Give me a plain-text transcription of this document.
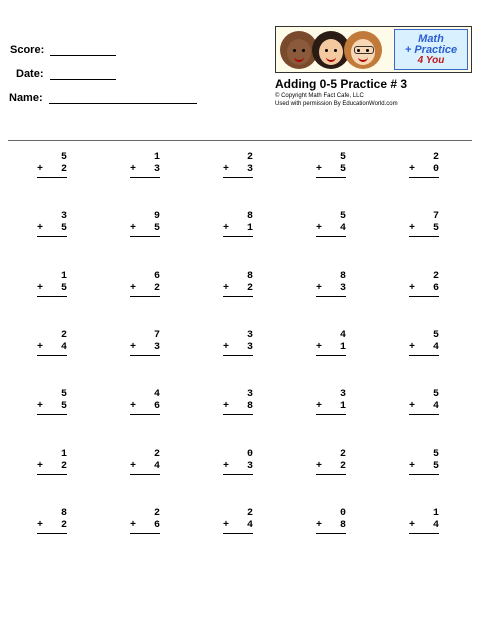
Score:
Date:
Name:
Math
+ Practice
4 You
Adding 0-5 Practice # 3
© Copyright Math Fact Cafe, LLC
Used with permission By EducationWorld.com
5
+ 2
1
+ 3
2
+ 3
5
+ 5
2
+ 0
3
+ 5
9
+ 5
8
+ 1
5
+ 4
7
+ 5
1
+ 5
6
+ 2
8
+ 2
8
+ 3
2
+ 6
2
+ 4
7
+ 3
3
+ 3
4
+ 1
5
+ 4
5
+ 5
4
+ 6
3
+ 8
3
+ 1
5
+ 4
1
+ 2
2
+ 4
0
+ 3
2
+ 2
5
+ 5
8
+ 2
2
+ 6
2
+ 4
0
+ 8
1
+ 4
